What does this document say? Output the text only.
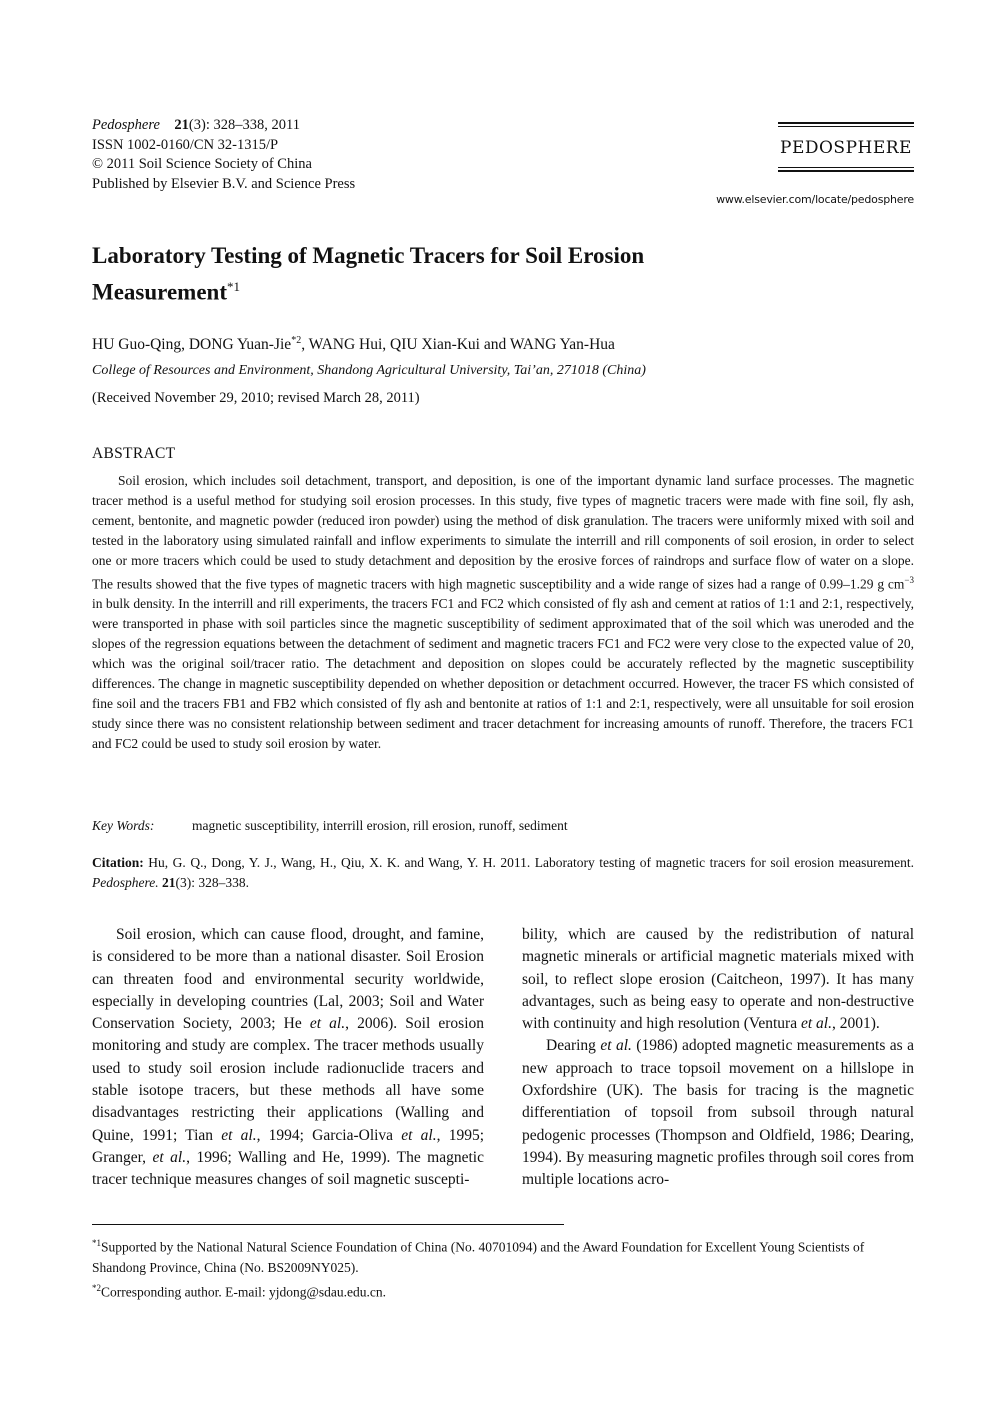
Pedosphere 21(3): 328–338, 2011
ISSN 1002-0160/CN 32-1315/P
© 2011 Soil Science Society of China
Published by Elsevier B.V. and Science Press
PEDOSPHERE
www.elsevier.com/locate/pedosphere
Laboratory Testing of Magnetic Tracers for Soil Erosion Measurement$^{*1}$
HU Guo-Qing, DONG Yuan-Jie$^{*2}$, WANG Hui, QIU Xian-Kui and WANG Yan-Hua
College of Resources and Environment, Shandong Agricultural University, Tai’an, 271018 (China)
(Received November 29, 2010; revised March 28, 2011)
ABSTRACT
Soil erosion, which includes soil detachment, transport, and deposition, is one of the important dynamic land surface processes. The magnetic tracer method is a useful method for studying soil erosion processes. In this study, five types of magnetic tracers were made with fine soil, fly ash, cement, bentonite, and magnetic powder (reduced iron powder) using the method of disk granulation. The tracers were uniformly mixed with soil and tested in the laboratory using simulated rainfall and inflow experiments to simulate the interrill and rill components of soil erosion, in order to select one or more tracers which could be used to study detachment and deposition by the erosive forces of raindrops and surface flow of water on a slope. The results showed that the five types of magnetic tracers with high magnetic susceptibility and a wide range of sizes had a range of 0.99–1.29 g $cm^{-3}$ in bulk density. In the interrill and rill experiments, the tracers FC1 and FC2 which consisted of fly ash and cement at ratios of 1:1 and 2:1, respectively, were transported in phase with soil particles since the magnetic susceptibility of sediment approximated that of the soil which was uneroded and the slopes of the regression equations between the detachment of sediment and magnetic tracers FC1 and FC2 were very close to the expected value of 20, which was the original soil/tracer ratio. The detachment and deposition on slopes could be accurately reflected by the magnetic susceptibility differences. The change in magnetic susceptibility depended on whether deposition or detachment occurred. However, the tracer FS which consisted of fine soil and the tracers FB1 and FB2 which consisted of fly ash and bentonite at ratios of 1:1 and 2:1, respectively, were all unsuitable for soil erosion study since there was no consistent relationship between sediment and tracer detachment for increasing amounts of runoff. Therefore, the tracers FC1 and FC2 could be used to study soil erosion by water.
Key Words:	magnetic susceptibility, interrill erosion, rill erosion, runoff, sediment
Citation: Hu, G. Q., Dong, Y. J., Wang, H., Qiu, X. K. and Wang, Y. H. 2011. Laboratory testing of magnetic tracers for soil erosion measurement. Pedosphere. 21(3): 328–338.

Soil erosion, which can cause flood, drought, and famine, is considered to be more than a national disaster. Soil Erosion can threaten food and environmental security worldwide, especially in developing countries (Lal, 2003; Soil and Water Conservation Society, 2003; He et al., 2006). Soil erosion monitoring and study are complex. The tracer methods usually used to study soil erosion include radionuclide tracers and stable isotope tracers, but these methods all have some disadvantages restricting their applications (Walling and Quine, 1991; Tian et al., 1994; Garcia-Oliva et al., 1995; Granger, et al., 1996; Walling and He, 1999). The magnetic tracer technique measures changes of soil magnetic suscepti-

bility, which are caused by the redistribution of natural magnetic minerals or artificial magnetic materials mixed with soil, to reflect slope erosion (Caitcheon, 1997). It has many advantages, such as being easy to operate and non-destructive with continuity and high resolution (Ventura et al., 2001).

Dearing et al. (1986) adopted magnetic measurements as a new approach to trace topsoil movement on a hillslope in Oxfordshire (UK). The basis for tracing is the magnetic differentiation of topsoil from subsoil through natural pedogenic processes (Thompson and Oldfield, 1986; Dearing, 1994). By measuring magnetic profiles through soil cores from multiple locations acro-

$^{*1}$Supported by the National Natural Science Foundation of China (No. 40701094) and the Award Foundation for Excellent Young Scientists of Shandong Province, China (No. BS2009NY025).
$^{*2}$Corresponding author. E-mail: yjdong@sdau.edu.cn.
